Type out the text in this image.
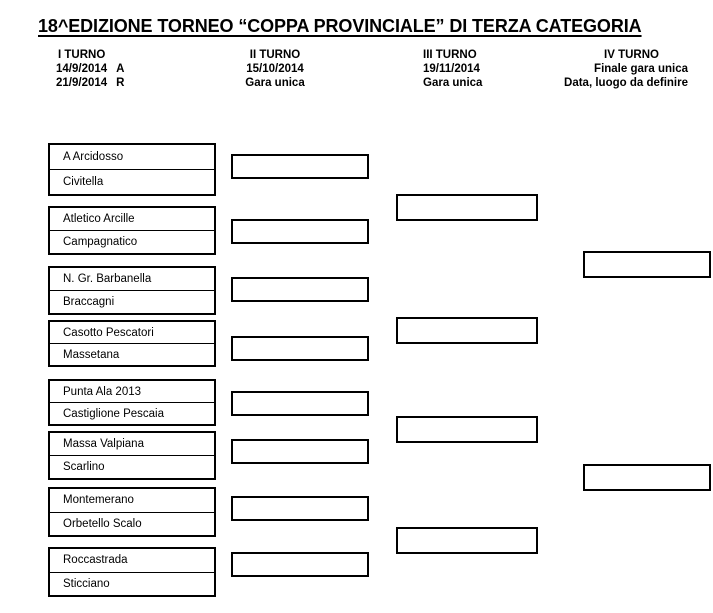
18^EDIZIONE TORNEO “COPPA PROVINCIALE” DI TERZA CATEGORIA
I TURNO
14/9/2014 A
21/9/2014 R
II TURNO
15/10/2014
Gara unica
III TURNO
19/11/2014
Gara unica
IV TURNO
Finale gara unica
Data, luogo da definire
A Arcidosso
Civitella
Atletico Arcille
Campagnatico
N. Gr. Barbanella
Braccagni
Casotto Pescatori
Massetana
Punta Ala 2013
Castiglione Pescaia
Massa Valpiana
Scarlino
Montemerano
Orbetello Scalo
Roccastrada
Sticciano
